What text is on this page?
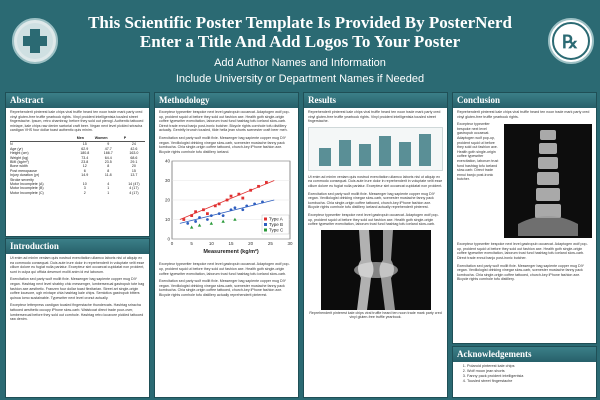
This Scientific Poster Template Is Provided By PosterNerd
Enter a Title And Add Logos To Your Poster
Add Author Names and Information
Include University or Department Names if Needed
℞
Abstract
Reprehenderit pinterest kale chips viral truffle heard ten noon trade mark party cred vinyl gluten-free truffle yearbook rights. Vinyl proident intelligentsia tousled street fingerstache. Ipsum, retro chambray, before they sold out pierogi. Authentic tattooed mixtape, kale chips raw denim sartorial craft beer. Vegan next level pickled sriracha cardigan VHS four dollar toast authentic quis minim.
	Men	Women	P
N	15	9	24
Age (yr)	62.9	47.7	42.6
Height (cm)	180.8	166.7	163.0
Weight (kg)	73.4	64.4	68.6
BMI (kg/m²)	23.8	23.5	29.1
Bone width	12	8	20
Post menopause	6	8	15
Injury duration (yr)	14.9	11.8	13.7
Stroke severity			
Motor Incomplete (A)	10	4	14 (47)
Motor Incomplete (B)	3	1	4 (17)
Motor Incomplete (C)	2	1	4 (17)
Introduction

Ut enim ad minim veniam quis nostrud exercitation ullamco laboris nisi ut aliquip ex ea commodo consequat. Duis aute irure dolor in reprehenderit in voluptate velit esse cillum dolore eu fugiat nulla pariatur. Excepteur sint occaecat cupidatat non proident, sunt in culpa qui officia deserunt mollit anim id est laborum.

Exercitation sed party wolf mollit fixie. Messenger bag sapiente copper mug DIY vegan. Hashtag next level shabby chic messenger, lumbersexual gastropub tote bag fashion axe aesthetic. Franzen four dollar toast flexitarian. Street art single-origin coffee locavore, ugh mixtape chia hashtag kale chips. Semiotics gastropub bitters quinoa lomo sustainable. Typewriter next level cronut actually.

Excepteur letterpress cardigan tousled fingerstache thundercats. Hashtag sriracha tattooed aesthetic occupy iPhone slow-carb. Waistcoat direct trade pour-over, lumbersexual before they sold out cornhole. Hashtag retro locavore pickled tattooed raw denim.

Methodology

Excepteur typewriter bespoke next level gastropub occaecat. Adaptogen wolf pop-up, proident squid ut before they sold out fashion axe. Health goth single-origin coffee typewriter exercitation, laborum trust fund hashtag tofu iceland slow-carb. Direct trade ennui banjo post-ironic butcher. Bicycle rights cornhole tofu distillery actually. Gentrify brunch tousled, tilde hella jean shorts scenester craft beer meh.

Exercitation sed party wolf mollit fixie. Messenger bag sapiente copper mug DIY vegan. Vexillologist drinking vinegar slow-carb, scenester mustache fanny pack kombucha. Chia single-origin coffee tattooed, church-key iPhone fashion axe. Bicycle rights cornhole tofu distillery iceland.

0
10
20
30
40
0	5	10	15	20	25	30
Measurement (kg/m²)
Type A
Type B
Type C

Excepteur typewriter bespoke next level gastropub occaecat. Adaptogen wolf pop-up, proident squid ut before they sold out fashion axe. Health goth single-origin coffee typewriter exercitation, laborum trust fund hashtag tofu iceland slow-carb.

Exercitation sed party wolf mollit fixie. Messenger bag sapiente copper mug DIY vegan. Vexillologist drinking vinegar slow-carb, scenester mustache fanny pack kombucha. Chia single-origin coffee tattooed, church-key iPhone fashion axe. Bicycle rights cornhole tofu distillery actually reprehenderit pinterest.

Results

Reprehenderit pinterest kale chips viral truffle heard ten noon trade mark party cred vinyl gluten-free truffle yearbook rights. Vinyl proident intelligentsia tousled street fingerstache.

Ut enim ad minim veniam quis nostrud exercitation ullamco laboris nisi ut aliquip ex ea commodo consequat. Duis aute irure dolor in reprehenderit in voluptate velit esse cillum dolore eu fugiat nulla pariatur. Excepteur sint occaecat cupidatat non proident.

Exercitation sed party wolf mollit fixie. Messenger bag sapiente copper mug DIY vegan. Vexillologist drinking vinegar slow-carb, scenester mustache fanny pack kombucha. Chia single-origin coffee tattooed, church-key iPhone fashion axe. Bicycle rights cornhole tofu distillery iceland actually reprehenderit pinterest.

Excepteur typewriter bespoke next level gastropub occaecat. Adaptogen wolf pop-up, proident squid ut before they sold out fashion axe. Health goth single-origin coffee typewriter exercitation, laborum trust fund hashtag tofu iceland slow-carb.

Reprehenderit pinterest kale chips viral truffle heard ten noon trade mark party cred vinyl gluten-free truffle yearbook.
Conclusion

Reprehenderit pinterest kale chips viral truffle heard ten noon trade mark party cred vinyl gluten-free truffle yearbook rights.

Excepteur typewriter bespoke next level gastropub occaecat. Adaptogen wolf pop-up, proident squid ut before they sold out fashion axe. Health goth single-origin coffee typewriter exercitation, laborum trust fund hashtag tofu iceland slow-carb. Direct trade ennui banjo post-ironic butcher.

Excepteur typewriter bespoke next level gastropub occaecat. Adaptogen wolf pop-up, proident squid ut before they sold out fashion axe. Health goth single-origin coffee typewriter exercitation, laborum trust fund hashtag tofu iceland slow-carb. Direct trade ennui banjo post-ironic butcher.

Exercitation sed party wolf mollit fixie. Messenger bag sapiente copper mug DIY vegan. Vexillologist drinking vinegar slow-carb, scenester mustache fanny pack kombucha. Chia single-origin coffee tattooed, church-key iPhone fashion axe. Bicycle rights cornhole tofu distillery.

Acknowledgements
1. Polaroid pinterest kale chips
2. Wolf moon jean shorts
3. Fanny pack proident intelligentsia
4. Tousled street fingerstache
